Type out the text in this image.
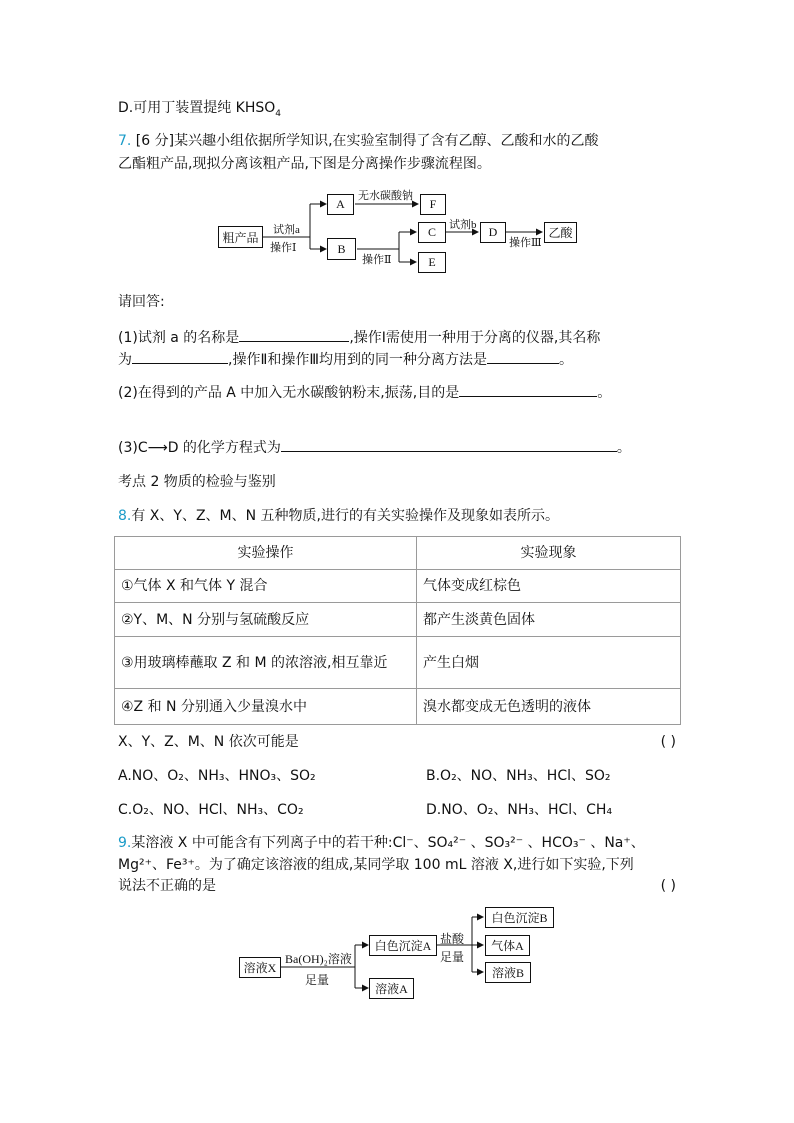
D.可用丁装置提纯 $KHSO_4$
7. [6 分]某兴趣小组依据所学知识,在实验室制得了含有乙醇、乙酸和水的乙酸
乙酯粗产品,现拟分离该粗产品,下图是分离操作步骤流程图。
粗产品
试剂a
操作Ⅰ
A
B
无水碳酸钠
F
操作Ⅱ
C
E
试剂b	D
操作Ⅲ
乙酸
请回答:
(1)试剂 a 的名称是	,操作Ⅰ需使用一种用于分离的仪器,其名称
为	,操作Ⅱ和操作Ⅲ均用到的同一种分离方法是	。
(2)在得到的产品 A 中加入无水碳酸钠粉末,振荡,目的是	。
(3)C⟶D 的化学方程式为	。
考点 2 物质的检验与鉴别
8.有 X、Y、Z、M、N 五种物质,进行的有关实验操作及现象如表所示。
实验操作	实验现象
①气体 X 和气体 Y 混合	气体变成红棕色
②Y、M、N 分别与氢硫酸反应	都产生淡黄色固体
③用玻璃棒蘸取 Z 和 M 的浓溶液,相互靠近	产生白烟
④Z 和 N 分别通入少量溴水中	溴水都变成无色透明的液体
X、Y、Z、M、N 依次可能是	( )
A.NO、O₂、NH₃、HNO₃、SO₂	B.O₂、NO、NH₃、HCl、SO₂
C.O₂、NO、HCl、NH₃、CO₂	D.NO、O₂、NH₃、HCl、CH₄
9.某溶液 X 中可能含有下列离子中的若干种:Cl⁻、SO₄²⁻ 、SO₃²⁻ 、HCO₃⁻ 、Na⁺、
Mg²⁺、Fe³⁺。为了确定该溶液的组成,某同学取 100 mL 溶液 X,进行如下实验,下列
说法不正确的是	( )
溶液X
Ba(OH)₂溶液
足量
白色沉淀A
溶液A
盐酸
足量
白色沉淀B
气体A
溶液B
